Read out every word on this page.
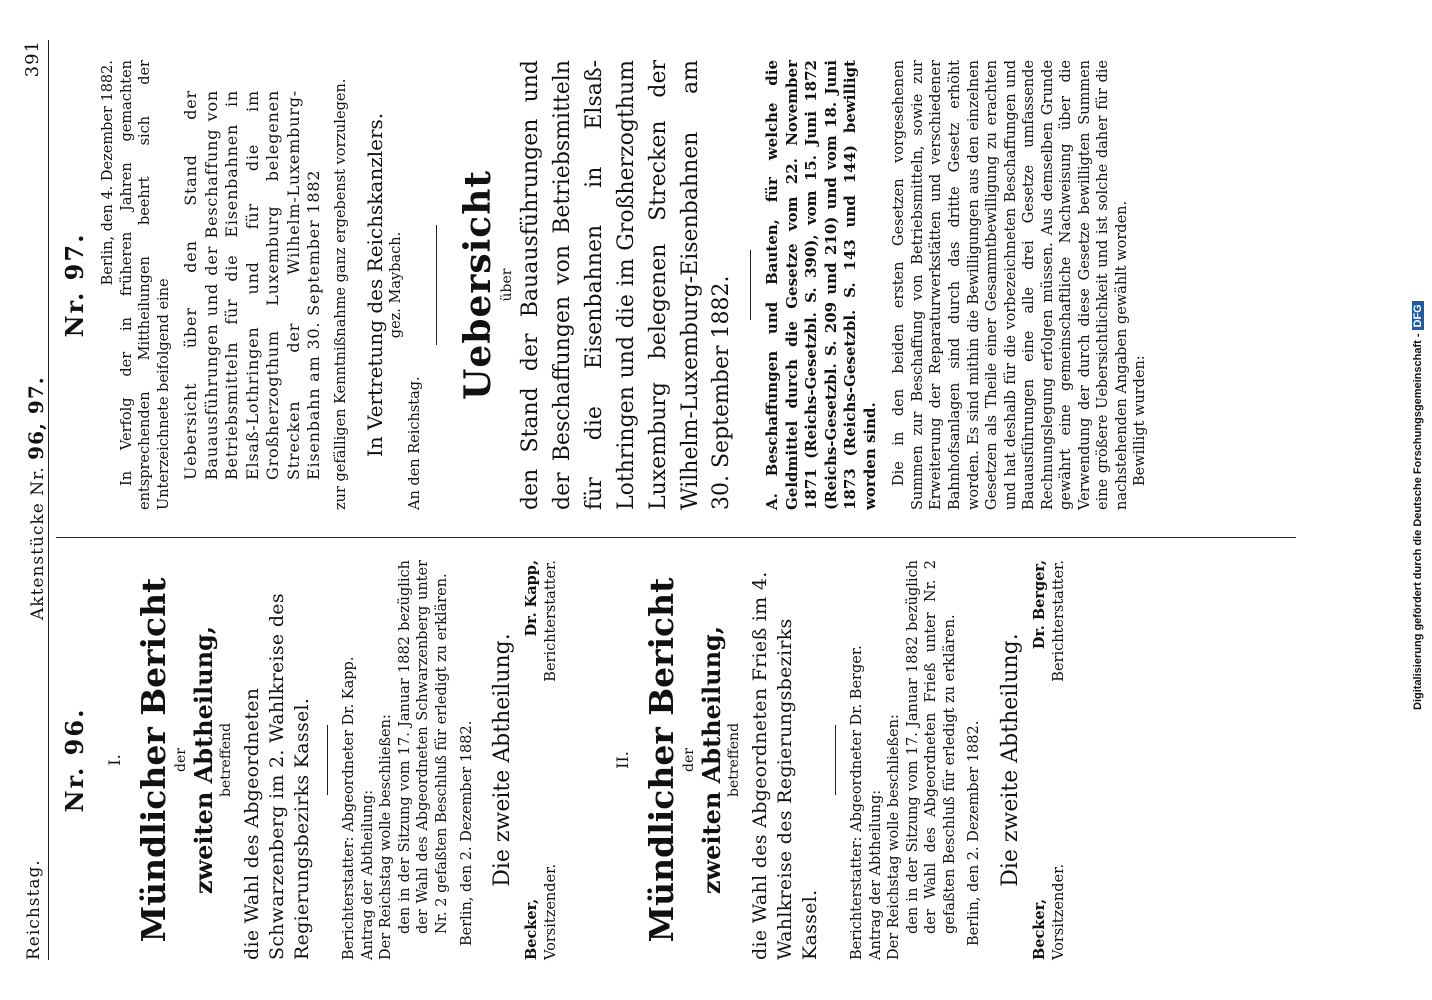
Reichstag.
Aktenstücke Nr. 96, 97.
391
Nr. 96. I. Mündlicher Bericht der zweiten Abtheilung, betreffend die Wahl des Abgeordneten Schwarzenberg im 2. Wahlkreise des Regierungsbezirks Kassel. Berichterstatter: Abgeordneter Dr. Kapp. Antrag der Abtheilung: Der Reichstag wolle beschließen: den in der Sitzung vom 17. Januar 1882 bezüglich der Wahl des Abgeordneten Schwarzenberg unter Nr. 2 gefaßten Beschluß für erledigt zu erklären. Berlin, den 2. Dezember 1882. Die zweite Abtheilung.
Becker, Vorsitzender.
Dr. Kapp, Berichterstatter.
II. Mündlicher Bericht der zweiten Abtheilung, betreffend die Wahl des Abgeordneten Frieß im 4. Wahlkreise des Regierungsbezirks Kassel. Berichterstatter: Abgeordneter Dr. Berger. Antrag der Abtheilung: Der Reichstag wolle beschließen: den in der Sitzung vom 17. Januar 1882 bezüglich der Wahl des Abgeordneten Frieß unter Nr. 2 gefaßten Beschluß für erledigt zu erklären. Berlin, den 2. Dezember 1882. Die zweite Abtheilung.
Becker, Vorsitzender.
Dr. Berger, Berichterstatter.
Nr. 97. Berlin, den 4. Dezember 1882. In Verfolg der in früheren Jahren gemachten entsprechenden Mittheilungen beehrt sich der Unterzeichnete beifolgend eine Uebersicht über den Stand der Bauausführungen und der Beschaffung von Betriebsmitteln für die Eisenbahnen in Elsaß-Lothringen und für die im Großherzogthum Luxemburg belegenen Strecken der Wilhelm-Luxemburg-Eisenbahn am 30. September 1882 zur gefälligen Kenntnißnahme ganz ergebenst vorzulegen. In Vertretung des Reichskanzlers. gez. Maybach.
An den Reichstag.
Uebersicht über den Stand der Bauausführungen und der Beschaffungen von Betriebsmitteln für die Eisenbahnen in Elsaß-Lothringen und die im Großherzogthum Luxemburg belegenen Strecken der Wilhelm-Luxemburg-Eisenbahnen am 30. September 1882. A. Beschaffungen und Bauten, für welche die Geldmittel durch die Gesetze vom 22. November 1871 (Reichs-Gesetzbl. S. 390), vom 15. Juni 1872 (Reichs-Gesetzbl. S. 209 und 210) und vom 18. Juni 1873 (Reichs-Gesetzbl. S. 143 und 144) bewilligt worden sind. Die in den beiden ersten Gesetzen vorgesehenen Summen zur Beschaffung von Betriebsmitteln, sowie zur Erweiterung der Reparaturwerkstätten und verschiedener Bahnhofsanlagen sind durch das dritte Gesetz erhöht worden. Es sind mithin die Bewilligungen aus den einzelnen Gesetzen als Theile einer Gesammtbewilligung zu erachten und hat deshalb für die vorbezeichneten Beschaffungen und Bauausführungen eine alle drei Gesetze umfassende Rechnungslegung erfolgen müssen. Aus demselben Grunde gewährt eine gemeinschaftliche Nachweisung über die Verwendung der durch diese Gesetze bewilligten Summen eine größere Uebersichtlichkeit und ist solche daher für die nachstehenden Angaben gewählt worden. Bewilligt wurden:	Digitalisierung gefördert durch die Deutsche Forschungsgemeinschaft -DFG
